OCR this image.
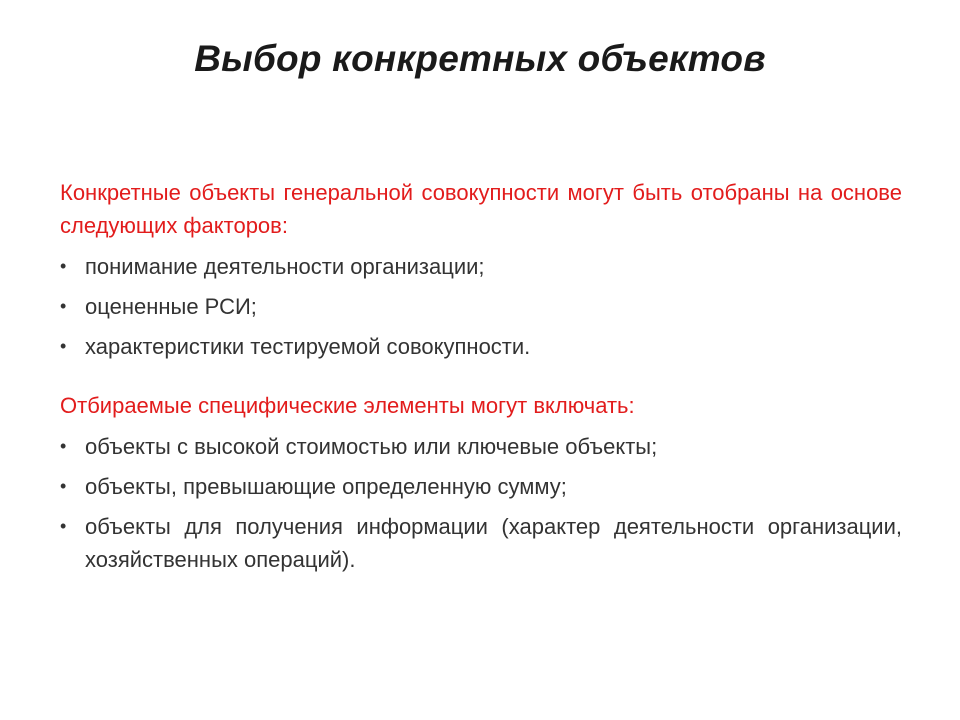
Выбор конкретных объектов

Конкретные объекты генеральной совокупности могут быть отобраны на основе следующих факторов:

• понимание деятельности организации;
• оцененные РСИ;
• характеристики тестируемой совокупности.

Отбираемые специфические элементы могут включать:

• объекты с высокой стоимостью или ключевые объекты;
• объекты, превышающие определенную сумму;
• объекты для получения информации (характер деятельности организации, хозяйственных операций).
